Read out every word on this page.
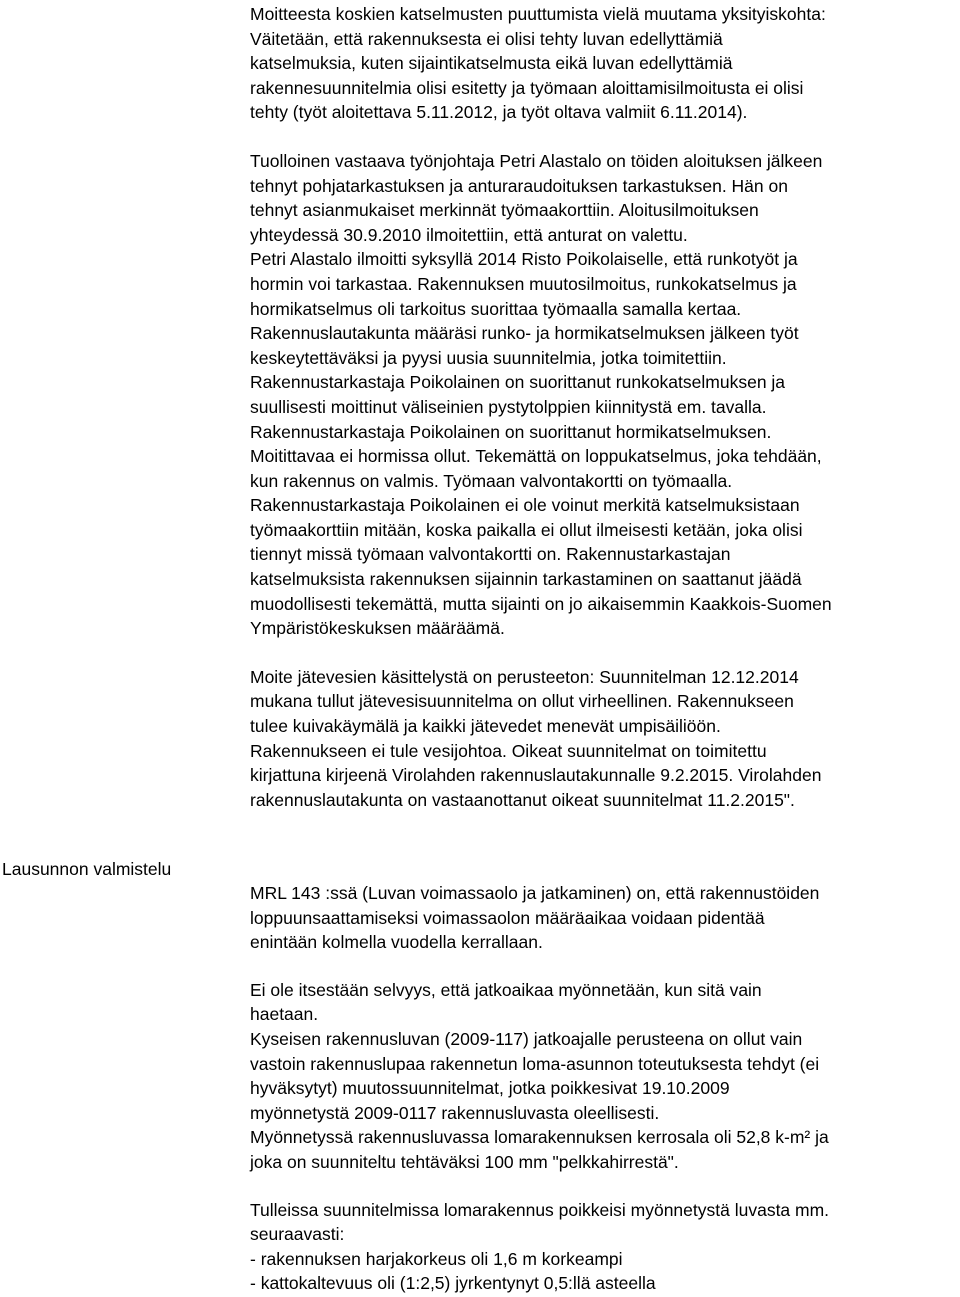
Moitteesta koskien katselmusten puuttumista vielä muutama yksityiskohta:
Väitetään, että rakennuksesta ei olisi tehty luvan edellyttämiä
katselmuksia, kuten sijaintikatselmusta eikä luvan edellyttämiä
rakennesuunnitelmia olisi esitetty ja työmaan aloittamisilmoitusta ei olisi
tehty (työt aloitettava 5.11.2012, ja työt oltava valmiit 6.11.2014).
Tuolloinen vastaava työnjohtaja Petri Alastalo on töiden aloituksen jälkeen
tehnyt pohjatarkastuksen ja anturaraudoituksen tarkastuksen. Hän on
tehnyt asianmukaiset merkinnät työmaakorttiin. Aloitusilmoituksen
yhteydessä 30.9.2010 ilmoitettiin, että anturat on valettu.
Petri Alastalo ilmoitti syksyllä 2014 Risto Poikolaiselle, että runkotyöt ja
hormin voi tarkastaa. Rakennuksen muutosilmoitus, runkokatselmus ja
hormikatselmus oli tarkoitus suorittaa työmaalla samalla kertaa.
Rakennuslautakunta määräsi runko- ja hormikatselmuksen jälkeen työt
keskeytettäväksi ja pyysi uusia suunnitelmia, jotka toimitettiin.
Rakennustarkastaja Poikolainen on suorittanut runkokatselmuksen ja
suullisesti moittinut väliseinien pystytolppien kiinnitystä em. tavalla.
Rakennustarkastaja Poikolainen on suorittanut hormikatselmuksen.
Moitittavaa ei hormissa ollut. Tekemättä on loppukatselmus, joka tehdään,
kun rakennus on valmis. Työmaan valvontakortti on työmaalla.
Rakennustarkastaja Poikolainen ei ole voinut merkitä katselmuksistaan
työmaakorttiin mitään, koska paikalla ei ollut ilmeisesti ketään, joka olisi
tiennyt missä työmaan valvontakortti on. Rakennustarkastajan
katselmuksista rakennuksen sijainnin tarkastaminen on saattanut jäädä
muodollisesti tekemättä, mutta sijainti on jo aikaisemmin Kaakkois-Suomen
Ympäristökeskuksen määräämä.
Moite jätevesien käsittelystä on perusteeton: Suunnitelman 12.12.2014
mukana tullut jätevesisuunnitelma on ollut virheellinen. Rakennukseen
tulee kuivakäymälä ja kaikki jätevedet menevät umpisäiliöön.
Rakennukseen ei tule vesijohtoa. Oikeat suunnitelmat on toimitettu
kirjattuna kirjeenä Virolahden rakennuslautakunnalle 9.2.2015. Virolahden
rakennuslautakunta on vastaanottanut oikeat suunnitelmat 11.2.2015".
Lausunnon valmistelu
MRL 143 :ssä (Luvan voimassaolo ja jatkaminen) on, että rakennustöiden
loppuunsaattamiseksi voimassaolon määräaikaa voidaan pidentää
enintään kolmella vuodella kerrallaan.
Ei ole itsestään selvyys, että jatkoaikaa myönnetään, kun sitä vain
haetaan.
Kyseisen rakennusluvan (2009-117) jatkoajalle perusteena on ollut vain
vastoin rakennuslupaa rakennetun loma-asunnon toteutuksesta tehdyt (ei
hyväksytyt) muutossuunnitelmat, jotka poikkesivat 19.10.2009
myönnetystä 2009-0117 rakennusluvasta oleellisesti.
Myönnetyssä rakennusluvassa lomarakennuksen kerrosala oli 52,8 k-m² ja
joka on suunniteltu tehtäväksi 100 mm "pelkkahirrestä".
Tulleissa suunnitelmissa lomarakennus poikkeisi myönnetystä luvasta mm.
seuraavasti:
- rakennuksen harjakorkeus oli 1,6 m korkeampi
- kattokaltevuus oli (1:2,5) jyrkentynyt 0,5:llä asteella
